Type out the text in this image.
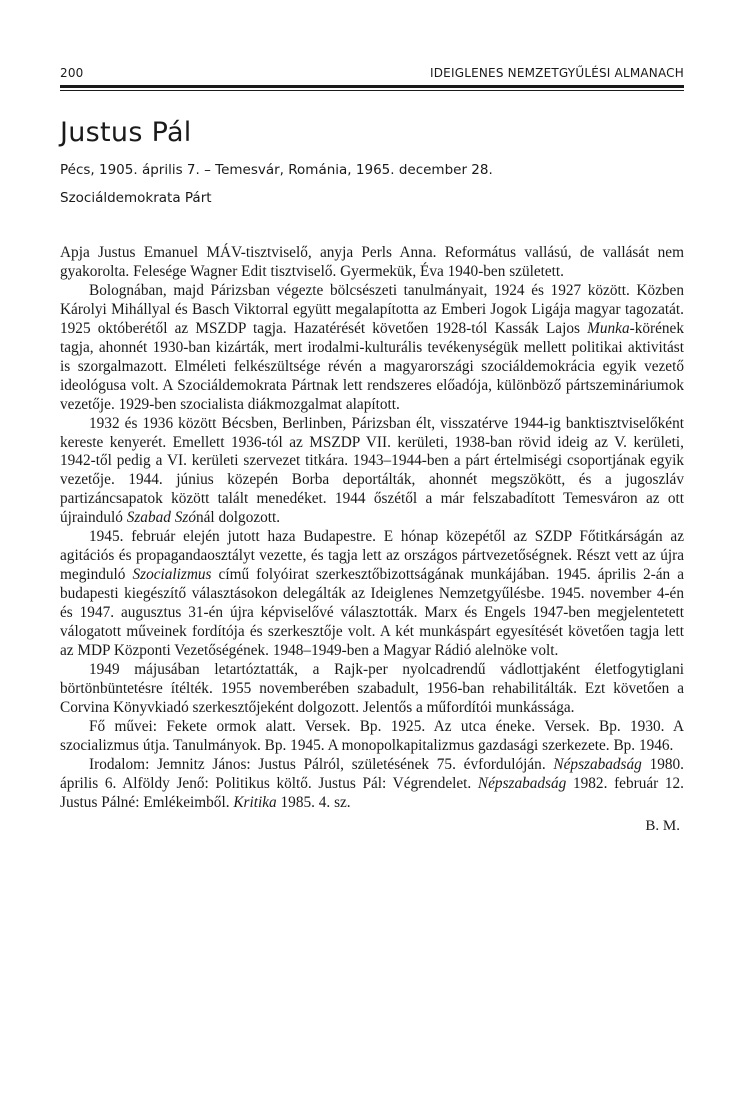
200	IDEIGLENES NEMZETGYŰLÉSI ALMANACH
Justus Pál
Pécs, 1905. április 7. – Temesvár, Románia, 1965. december 28.
Szociáldemokrata Párt

Apja Justus Emanuel MÁV-tisztviselő, anyja Perls Anna. Református vallású, de vallását nem gyakorolta. Felesége Wagner Edit tisztviselő. Gyermekük, Éva 1940-ben született.

Bolognában, majd Párizsban végezte bölcsészeti tanulmányait, 1924 és 1927 között. Közben Károlyi Mihállyal és Basch Viktorral együtt megalapította az Emberi Jogok Ligája magyar tagozatát. 1925 októberétől az MSZDP tagja. Hazatérését követően 1928-tól Kassák Lajos Munka-körének tagja, ahonnét 1930-ban kizárták, mert irodalmi-kulturális tevékenységük mellett politikai aktivitást is szorgalmazott. Elméleti felkészültsége révén a magyarországi szociáldemokrácia egyik vezető ideológusa volt. A Szociáldemokrata Pártnak lett rendszeres előadója, különböző pártszemináriumok vezetője. 1929-ben szocialista diákmozgalmat alapított.

1932 és 1936 között Bécsben, Berlinben, Párizsban élt, visszatérve 1944-ig banktisztviselőként kereste kenyerét. Emellett 1936-tól az MSZDP VII. kerületi, 1938-ban rövid ideig az V. kerületi, 1942-től pedig a VI. kerületi szervezet titkára. 1943–1944-ben a párt értelmiségi csoportjának egyik vezetője. 1944. június közepén Borba deportálták, ahonnét megszökött, és a jugoszláv partizáncsapatok között talált menedéket. 1944 őszétől a már felszabadított Temesváron az ott újrainduló Szabad Szónál dolgozott.

1945. február elején jutott haza Budapestre. E hónap közepétől az SZDP Főtitkárságán az agitációs és propagandaosztályt vezette, és tagja lett az országos pártvezetőségnek. Részt vett az újra meginduló Szocializmus című folyóirat szerkesztőbizottságának munkájában. 1945. április 2-án a budapesti kiegészítő választásokon delegálták az Ideiglenes Nemzetgyűlésbe. 1945. november 4-én és 1947. augusztus 31-én újra képviselővé választották. Marx és Engels 1947-ben megjelentetett válogatott műveinek fordítója és szerkesztője volt. A két munkáspárt egyesítését követően tagja lett az MDP Központi Vezetőségének. 1948–1949-ben a Magyar Rádió alelnöke volt.

1949 májusában letartóztatták, a Rajk-per nyolcadrendű vádlottjaként életfogytiglani börtönbüntetésre ítélték. 1955 novemberében szabadult, 1956-ban rehabilitálták. Ezt követően a Corvina Könyvkiadó szerkesztőjeként dolgozott. Jelentős a műfordítói munkássága.

Fő művei: Fekete ormok alatt. Versek. Bp. 1925. Az utca éneke. Versek. Bp. 1930. A szocializmus útja. Tanulmányok. Bp. 1945. A monopolkapitalizmus gazdasági szerkezete. Bp. 1946.

Irodalom: Jemnitz János: Justus Pálról, születésének 75. évfordulóján. Népszabadság 1980. április 6. Alföldy Jenő: Politikus költő. Justus Pál: Végrendelet. Népszabadság 1982. február 12. Justus Pálné: Emlékeimből. Kritika 1985. 4. sz.

B. M.
